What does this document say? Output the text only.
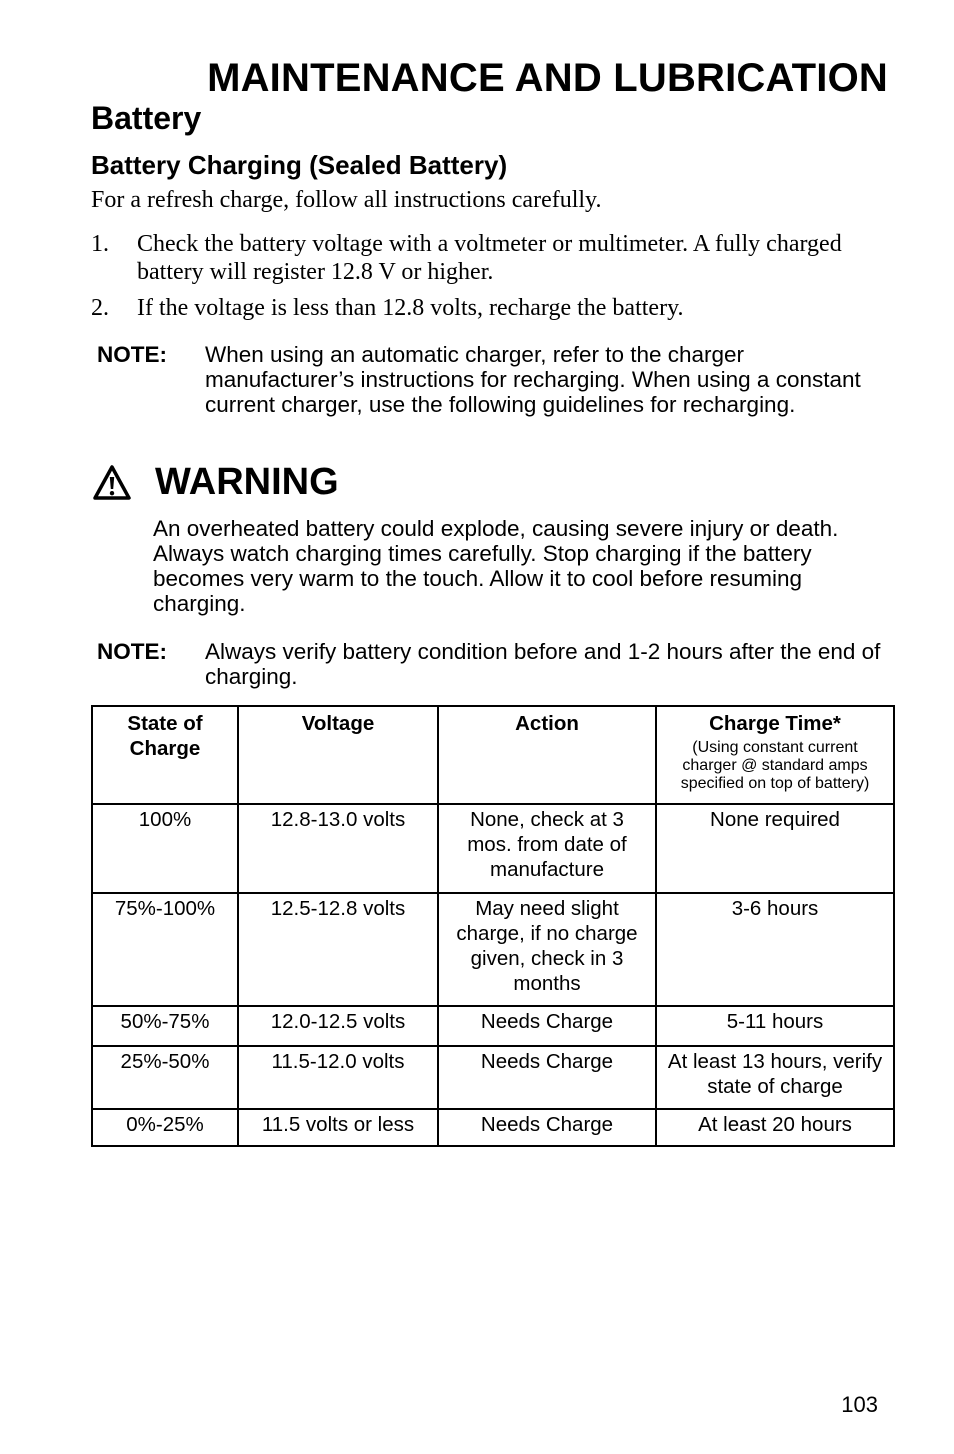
MAINTENANCE AND LUBRICATION
Battery
Battery Charging (Sealed Battery)
For a refresh charge, follow all instructions carefully.
1. Check the battery voltage with a voltmeter or multimeter. A fully charged battery will register 12.8 V or higher.
2. If the voltage is less than 12.8 volts, recharge the battery.
NOTE: When using an automatic charger, refer to the charger manufacturer’s instructions for recharging. When using a constant current charger, use the following guidelines for recharging.
WARNING
An overheated battery could explode, causing severe injury or death. Always watch charging times carefully. Stop charging if the battery becomes very warm to the touch. Allow it to cool before resuming charging.
NOTE: Always verify battery condition before and 1-2 hours after the end of charging.
State of Charge	Voltage	Action	Charge Time*
(Using constant current charger @ standard amps specified on top of battery)

100%	12.8-13.0 volts	None, check at 3 mos. from date of manufacture	None required
75%-100%	12.5-12.8 volts	May need slight charge, if no charge given, check in 3 months	3-6 hours
50%-75%	12.0-12.5 volts	Needs Charge	5-11 hours
25%-50%	11.5-12.0 volts	Needs Charge	At least 13 hours, verify state of charge
0%-25%	11.5 volts or less	Needs Charge	At least 20 hours
103
